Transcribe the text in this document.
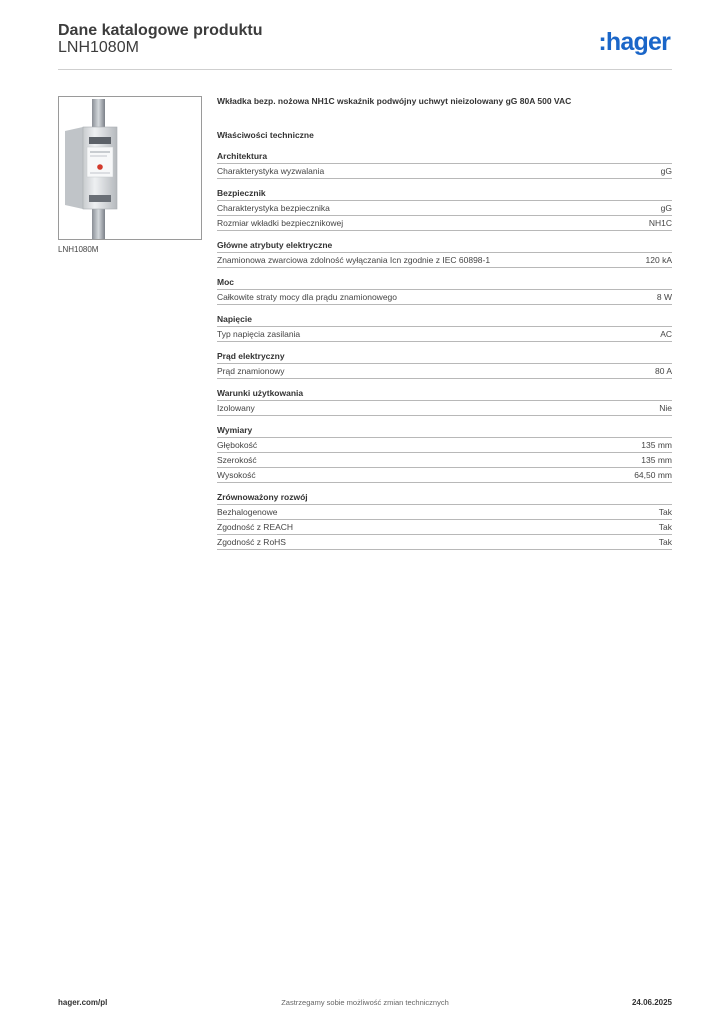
Dane katalogowe produktu
LNH1080M	:hager
LNH1080M
Wkładka bezp. nożowa NH1C wskaźnik podwójny uchwyt nieizolowany gG 80A 500 VAC
Właściwości techniczne
Architektura
Charakterystyka wyzwalania	gG
Bezpiecznik
Charakterystyka bezpiecznika	gG
Rozmiar wkładki bezpiecznikowej	NH1C
Główne atrybuty elektryczne
Znamionowa zwarciowa zdolność wyłączania Icn zgodnie z IEC 60898-1	120 kA
Moc
Całkowite straty mocy dla prądu znamionowego	8 W
Napięcie
Typ napięcia zasilania	AC
Prąd elektryczny
Prąd znamionowy	80 A
Warunki użytkowania
Izolowany	Nie
Wymiary
Głębokość	135 mm
Szerokość	135 mm
Wysokość	64,50 mm
Zrównoważony rozwój
Bezhalogenowe	Tak
Zgodność z REACH	Tak
Zgodność z RoHS	Tak
hager.com/pl	Zastrzegamy sobie możliwość zmian technicznych	24.06.2025
